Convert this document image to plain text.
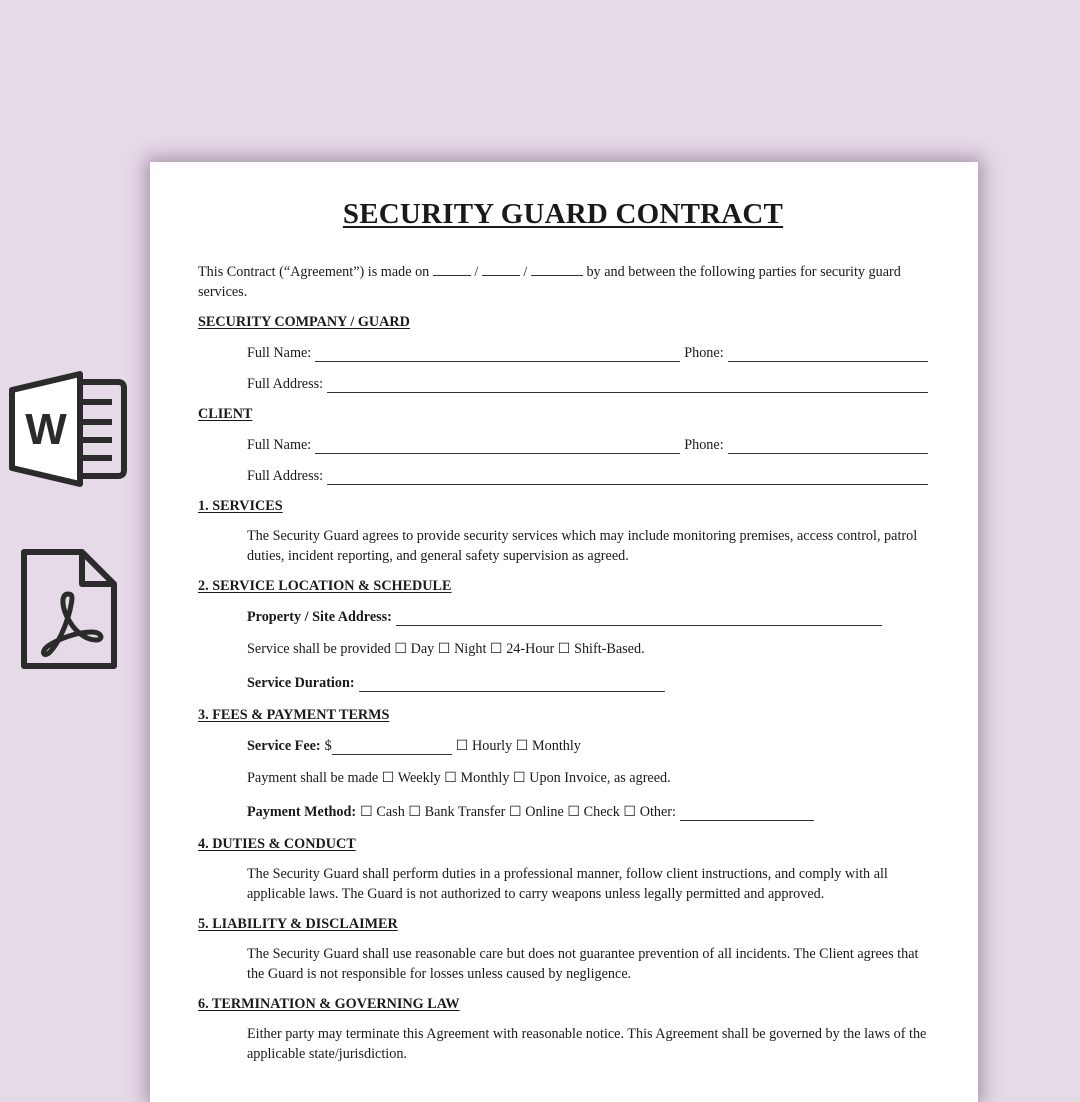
W
SECURITY GUARD CONTRACT

This Contract (“Agreement”) is made on	/	/	by and between the following parties for security guard services.

SECURITY COMPANY / GUARD
Full Name:	Phone:
Full Address:
CLIENT
Full Name:	Phone:
Full Address:
1. SERVICES

The Security Guard agrees to provide security services which may include monitoring premises, access control, patrol duties, incident reporting, and general safety supervision as agreed.

2. SERVICE LOCATION & SCHEDULE
Property / Site Address:

Service shall be provided ☐ Day ☐ Night ☐ 24-Hour ☐ Shift-Based.

Service Duration:
3. FEES & PAYMENT TERMS
Service Fee: $	☐ Hourly ☐ Monthly

Payment shall be made ☐ Weekly ☐ Monthly ☐ Upon Invoice, as agreed.

Payment Method: ☐ Cash ☐ Bank Transfer ☐ Online ☐ Check ☐ Other:
4. DUTIES & CONDUCT

The Security Guard shall perform duties in a professional manner, follow client instructions, and comply with all applicable laws. The Guard is not authorized to carry weapons unless legally permitted and approved.

5. LIABILITY & DISCLAIMER

The Security Guard shall use reasonable care but does not guarantee prevention of all incidents. The Client agrees that the Guard is not responsible for losses unless caused by negligence.

6. TERMINATION & GOVERNING LAW

Either party may terminate this Agreement with reasonable notice. This Agreement shall be governed by the laws of the applicable state/jurisdiction.
